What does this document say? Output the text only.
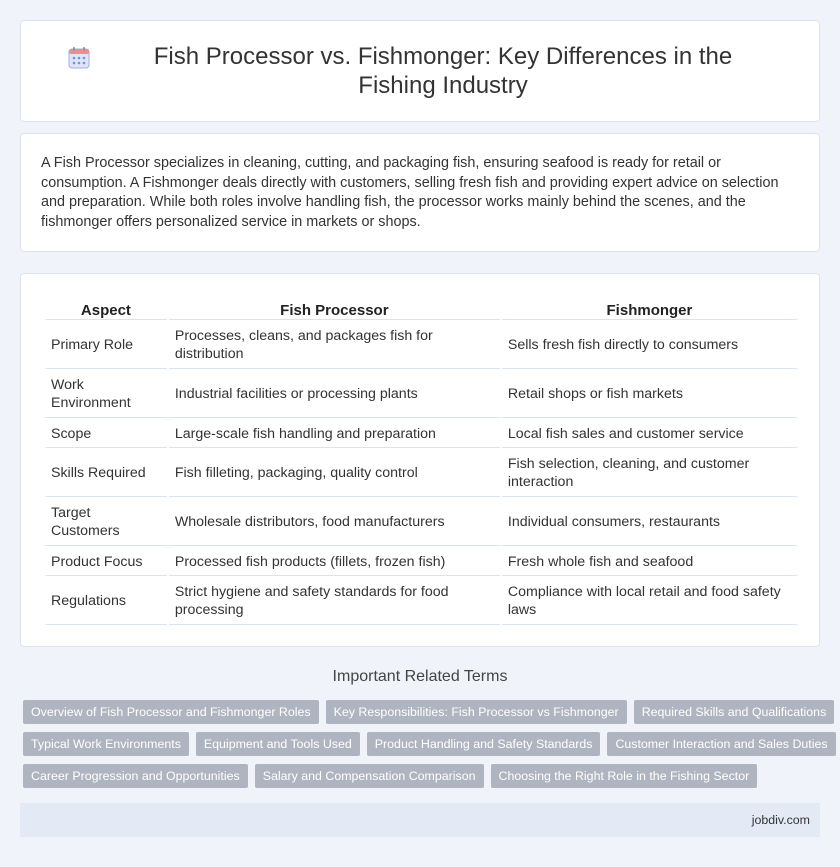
Fish Processor vs. Fishmonger: Key Differences in the Fishing Industry

A Fish Processor specializes in cleaning, cutting, and packaging fish, ensuring seafood is ready for retail or consumption. A Fishmonger deals directly with customers, selling fresh fish and providing expert advice on selection and preparation. While both roles involve handling fish, the processor works mainly behind the scenes, and the fishmonger offers personalized service in markets or shops.

Aspect	Fish Processor	Fishmonger
Primary Role	Processes, cleans, and packages fish for distribution	Sells fresh fish directly to consumers
Work Environment	Industrial facilities or processing plants	Retail shops or fish markets
Scope	Large-scale fish handling and preparation	Local fish sales and customer service
Skills Required	Fish filleting, packaging, quality control	Fish selection, cleaning, and customer interaction
Target Customers	Wholesale distributors, food manufacturers	Individual consumers, restaurants
Product Focus	Processed fish products (fillets, frozen fish)	Fresh whole fish and seafood
Regulations	Strict hygiene and safety standards for food processing	Compliance with local retail and food safety laws
Important Related Terms
Overview of Fish Processor and Fishmonger Roles	Key Responsibilities: Fish Processor vs Fishmonger	Required Skills and Qualifications
Typical Work Environments	Equipment and Tools Used	Product Handling and Safety Standards	Customer Interaction and Sales Duties
Career Progression and Opportunities	Salary and Compensation Comparison	Choosing the Right Role in the Fishing Sector
jobdiv.com
